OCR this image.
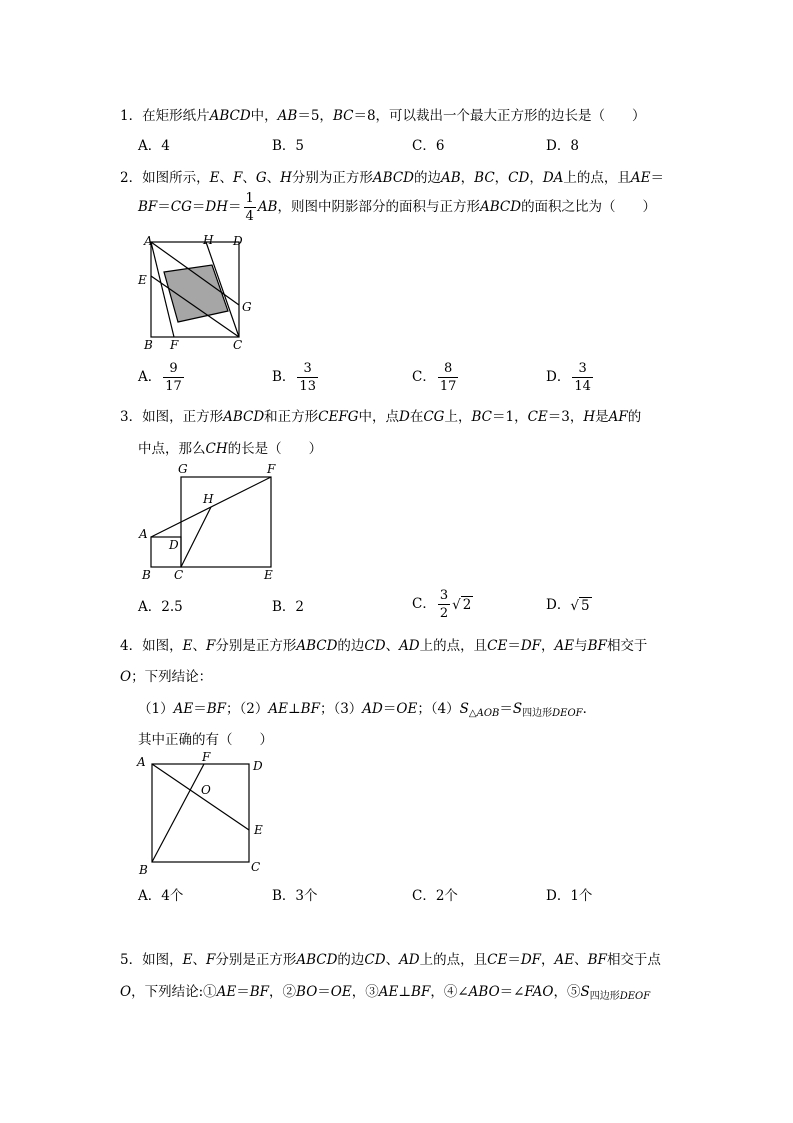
1．在矩形纸片ABCD中，AB＝5，BC＝8，可以裁出一个最大正方形的边长是（　　）
A．4	B．5	C．6	D．8
2．如图所示，E、F、G、H分别为正方形ABCD的边AB，BC，CD，DA上的点，且AE＝
$BF=CG=DH= \frac{1}{4}$ AB，则图中阴影部分的面积与正方形ABCD的面积之比为（　　）
A	H D
E
G
B F	C
A． $\frac{9}{17}$	B． $\frac{3}{13}$	C． $\frac{8}{17}$	D． $\frac{3}{14}$
3．如图，正方形ABCD和正方形CEFG中，点D在CG上，BC＝1，CE＝3，H是AF的
中点，那么CH的长是（　　）
G	F
H
A
D
B C	E
A．2.5	B．2	C． $\frac{3}{2}$ √ 2	D．√ 5
4．如图，E、F分别是正方形ABCD的边CD、AD上的点，且CE＝DF，AE与BF相交于
O；下列结论：
（1）AE＝BF；（2）AE⊥BF；（3）AD＝OE；$(4)S_{\triangle AOB}=S_{四边形DEOF}$．
其中正确的有（　　）
A	F
D
O
E
B	C
A．4个	B．3个	C．2个	D．1个
5．如图，E、F分别是正方形ABCD的边CD、AD上的点，且CE＝DF，AE、BF相交于点
O，下列结论:①AE＝BF，②BO＝OE，③AE⊥BF，④∠ABO＝∠FAO，$⑤S_{四边形DEOF}$
